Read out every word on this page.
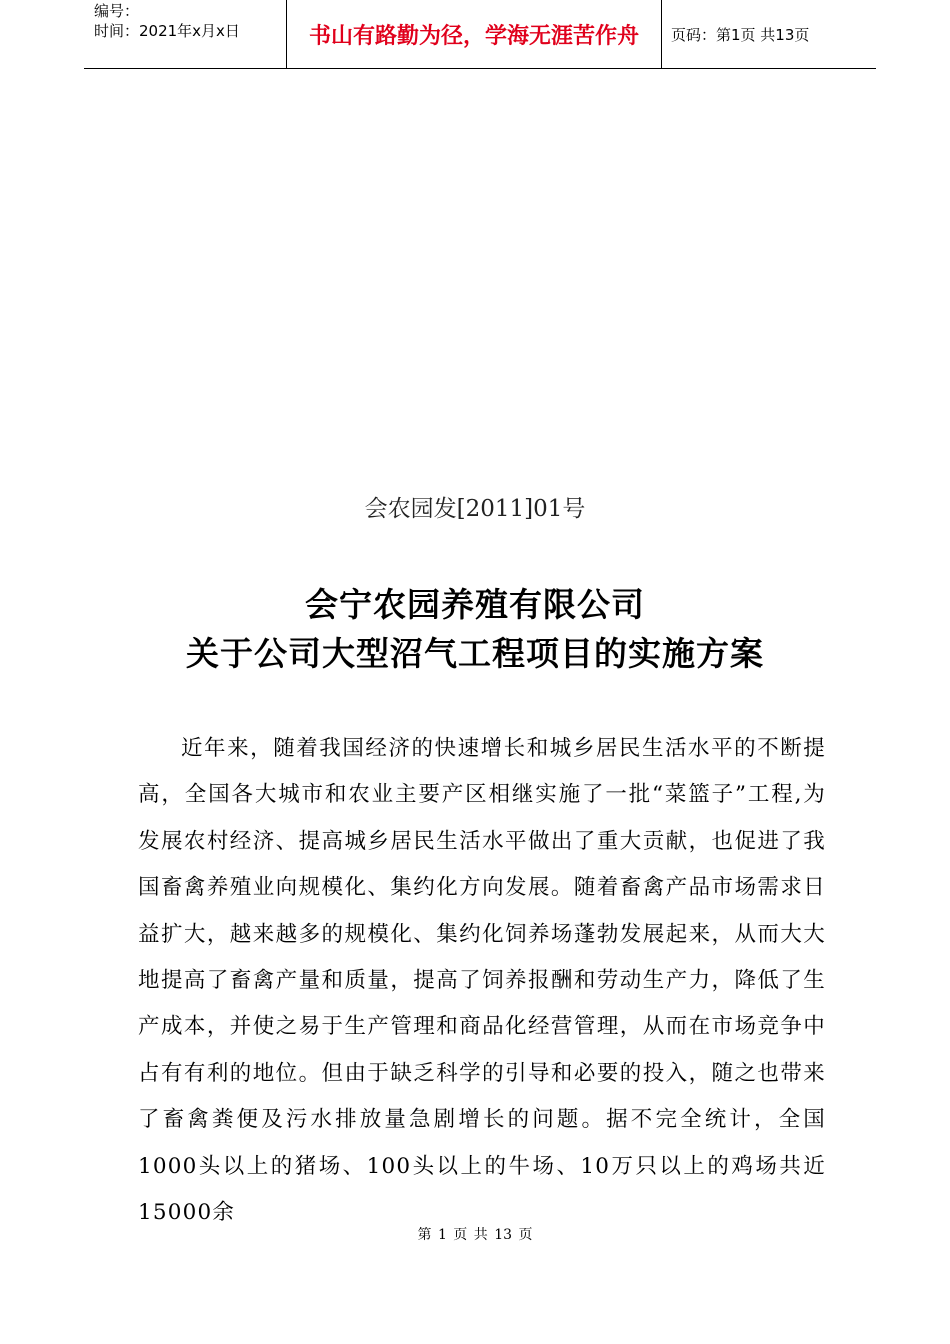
编号：
时间：2021年x月x日	书山有路勤为径，学海无涯苦作舟	页码：第1页 共13页
会农园发[2011]01号
会宁农园养殖有限公司
关于公司大型沼气工程项目的实施方案
近年来，随着我国经济的快速增长和城乡居民生活水平的不断提高，全国各大城市和农业主要产区相继实施了一批“菜篮子”工程,为发展农村经济、提高城乡居民生活水平做出了重大贡献，也促进了我国畜禽养殖业向规模化、集约化方向发展。随着畜禽产品市场需求日益扩大，越来越多的规模化、集约化饲养场蓬勃发展起来，从而大大地提高了畜禽产量和质量，提高了饲养报酬和劳动生产力，降低了生产成本，并使之易于生产管理和商品化经营管理，从而在市场竞争中占有有利的地位。但由于缺乏科学的引导和必要的投入，随之也带来了畜禽粪便及污水排放量急剧增长的问题。据不完全统计，全国1000头以上的猪场、100头以上的牛场、10万只以上的鸡场共近15000余
第 1 页 共 13 页
